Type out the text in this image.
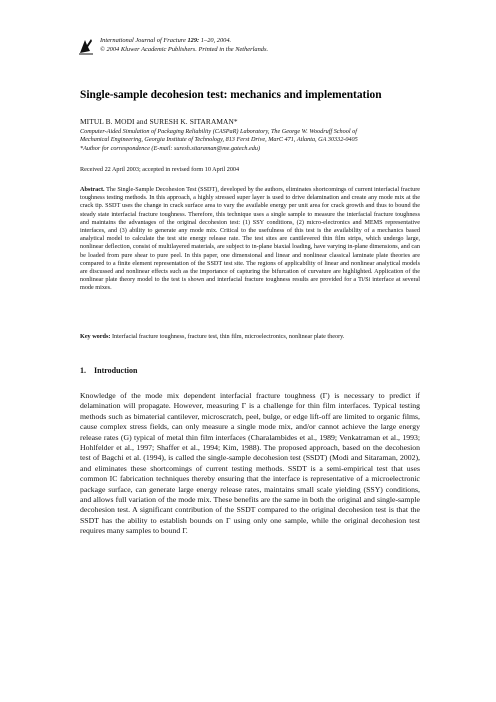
International Journal of Fracture 129: 1–20, 2004.
© 2004 Kluwer Academic Publishers. Printed in the Netherlands.
Single-sample decohesion test: mechanics and implementation
MITUL B. MODI and SURESH K. SITARAMAN*
Computer-Aided Simulation of Packaging Reliability (CASPaR) Laboratory, The George W. Woodruff School of
Mechanical Engineering, Georgia Institute of Technology, 813 Ferst Drive, MarC 471, Atlanta, GA 30332-0405
*Author for correspondence (E-mail: suresh.sitaraman@me.gatech.edu)
Received 22 April 2003; accepted in revised form 10 April 2004
Abstract. The Single-Sample Decohesion Test (SSDT), developed by the authors, eliminates shortcomings of current interfacial fracture toughness testing methods. In this approach, a highly stressed super layer is used to drive delamination and create any mode mix at the crack tip. SSDT uses the change in crack surface area to vary the available energy per unit area for crack growth and thus to bound the steady state interfacial fracture toughness. Therefore, this technique uses a single sample to measure the interfacial fracture toughness and maintains the advantages of the original decohesion test: (1) SSY conditions, (2) micro-electronics and MEMS representative interfaces, and (3) ability to generate any mode mix. Critical to the usefulness of this test is the availability of a mechanics based analytical model to calculate the test site energy release rate. The test sites are cantilevered thin film strips, which undergo large, nonlinear deflection, consist of multilayered materials, are subject to in-plane biaxial loading, have varying in-plane dimensions, and can be loaded from pure shear to pure peel. In this paper, one dimensional and linear and nonlinear classical laminate plate theories are compared to a finite element representation of the SSDT test site. The regions of applicability of linear and nonlinear analytical models are discussed and nonlinear effects such as the importance of capturing the bifurcation of curvature are highlighted. Application of the nonlinear plate theory model to the test is shown and interfacial fracture toughness results are provided for a Ti/Si interface at several mode mixes.
Key words: Interfacial fracture toughness, fracture test, thin film, microelectronics, nonlinear plate theory.
1. Introduction
Knowledge of the mode mix dependent interfacial fracture toughness (Γ) is necessary to predict if delamination will propagate. However, measuring Γ is a challenge for thin film interfaces. Typical testing methods such as bimaterial cantilever, microscratch, peel, bulge, or edge lift-off are limited to organic films, cause complex stress fields, can only measure a single mode mix, and/or cannot achieve the large energy release rates (G) typical of metal thin film interfaces (Charalambides et al., 1989; Venkatraman et al., 1993; Hohlfelder et al., 1997; Shaffer et al., 1994; Kim, 1988). The proposed approach, based on the decohesion test of Bagchi et al. (1994), is called the single-sample decohesion test (SSDT) (Modi and Sitaraman, 2002), and eliminates these shortcomings of current testing methods. SSDT is a semi-empirical test that uses common IC fabrication techniques thereby ensuring that the interface is representative of a microelectronic package surface, can generate large energy release rates, maintains small scale yielding (SSY) conditions, and allows full variation of the mode mix. These benefits are the same in both the original and single-sample decohesion test. A significant contribution of the SSDT compared to the original decohesion test is that the SSDT has the ability to establish bounds on Γ using only one sample, while the original decohesion test requires many samples to bound Γ.
